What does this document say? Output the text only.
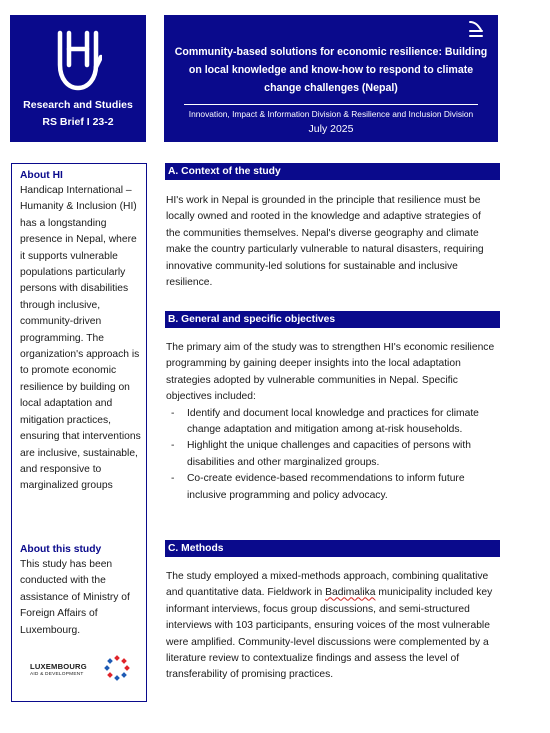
Research and Studies
RS Brief I 23-2
Community-based solutions for economic resilience: Building on local knowledge and know-how to respond to climate change challenges (Nepal)
Innovation, Impact & Information Division & Resilience and Inclusion Division
July 2025
About HI

Handicap International – Humanity & Inclusion (HI) has a longstanding presence in Nepal, where it supports vulnerable populations particularly persons with disabilities through inclusive, community-driven programming. The organization's approach is to promote economic resilience by building on local adaptation and mitigation practices, ensuring that interventions are inclusive, sustainable, and responsive to marginalized groups

About this study

This study has been conducted with the assistance of Ministry of Foreign Affairs of Luxembourg.

LUXEMBOURG
AID & DEVELOPMENT
A. Context of the study

HI's work in Nepal is grounded in the principle that resilience must be locally owned and rooted in the knowledge and adaptive strategies of the communities themselves. Nepal's diverse geography and climate make the country particularly vulnerable to natural disasters, requiring innovative community-led solutions for sustainable and inclusive resilience.

B. General and specific objectives

The primary aim of the study was to strengthen HI's economic resilience programming by gaining deeper insights into the local adaptation strategies adopted by vulnerable communities in Nepal. Specific objectives included:

- Identify and document local knowledge and practices for climate change adaptation and mitigation among at-risk households.
- Highlight the unique challenges and capacities of persons with disabilities and other marginalized groups.
- Co-create evidence-based recommendations to inform future inclusive programming and policy advocacy.
C. Methods

The study employed a mixed-methods approach, combining qualitative and quantitative data. Fieldwork in Badimalika municipality included key informant interviews, focus group discussions, and semi-structured interviews with 103 participants, ensuring voices of the most vulnerable were amplified. Community-level discussions were complemented by a literature review to contextualize findings and assess the level of transferability of promising practices.
